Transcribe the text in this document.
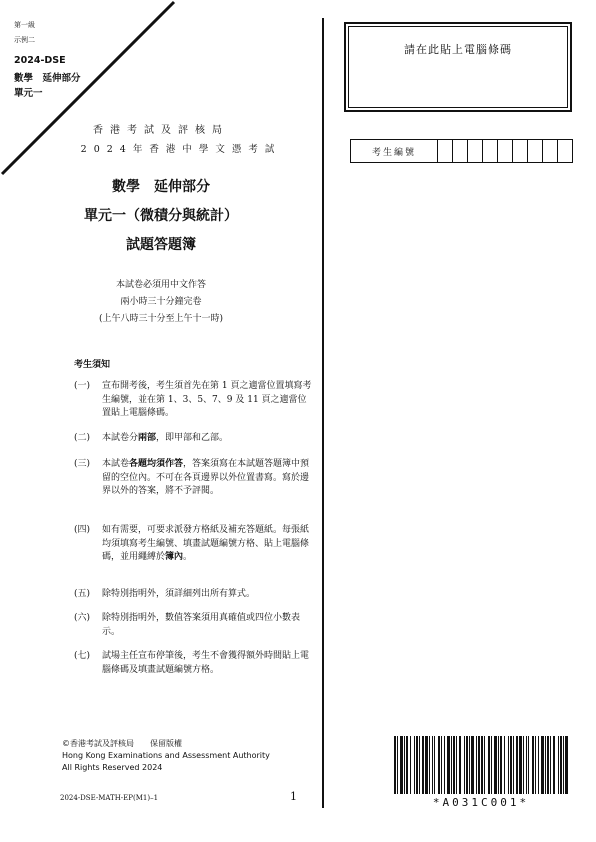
第一級
示例二
2024-DSE
數學　延伸部分
單元一
請在此貼上電腦條碼
考生編號
香港考試及評核局
2024年香港中學文憑考試
數學　延伸部分
單元一（微積分與統計）
試題答題簿
本試卷必須用中文作答
兩小時三十分鐘完卷
(上午八時三十分至上午十一時)
考生須知
(一)	宣布開考後，考生須首先在第 1 頁之適當位置填寫考生編號，並在第 1、3、5、7、9 及 11 頁之適當位置貼上電腦條碼。
(二)	本試卷分兩部，即甲部和乙部。
(三)	本試卷各題均須作答，答案須寫在本試題答題簿中預留的空位內。不可在各頁邊界以外位置書寫。寫於邊界以外的答案，將不予評閱。
(四)	如有需要，可要求派發方格紙及補充答題紙。每張紙均須填寫考生編號、填畫試題編號方格、貼上電腦條碼，並用繩縛於簿內。
(五)	除特別指明外，須詳細列出所有算式。
(六)	除特別指明外，數值答案須用真確值或四位小數表示。
(七)	試場主任宣布停筆後，考生不會獲得額外時間貼上電腦條碼及填畫試題編號方格。
©香港考試及評核局　　保留版權
Hong Kong Examinations and Assessment Authority
All Rights Reserved 2024
2024-DSE-MATH-EP(M1)–1	1	*A031C001*
